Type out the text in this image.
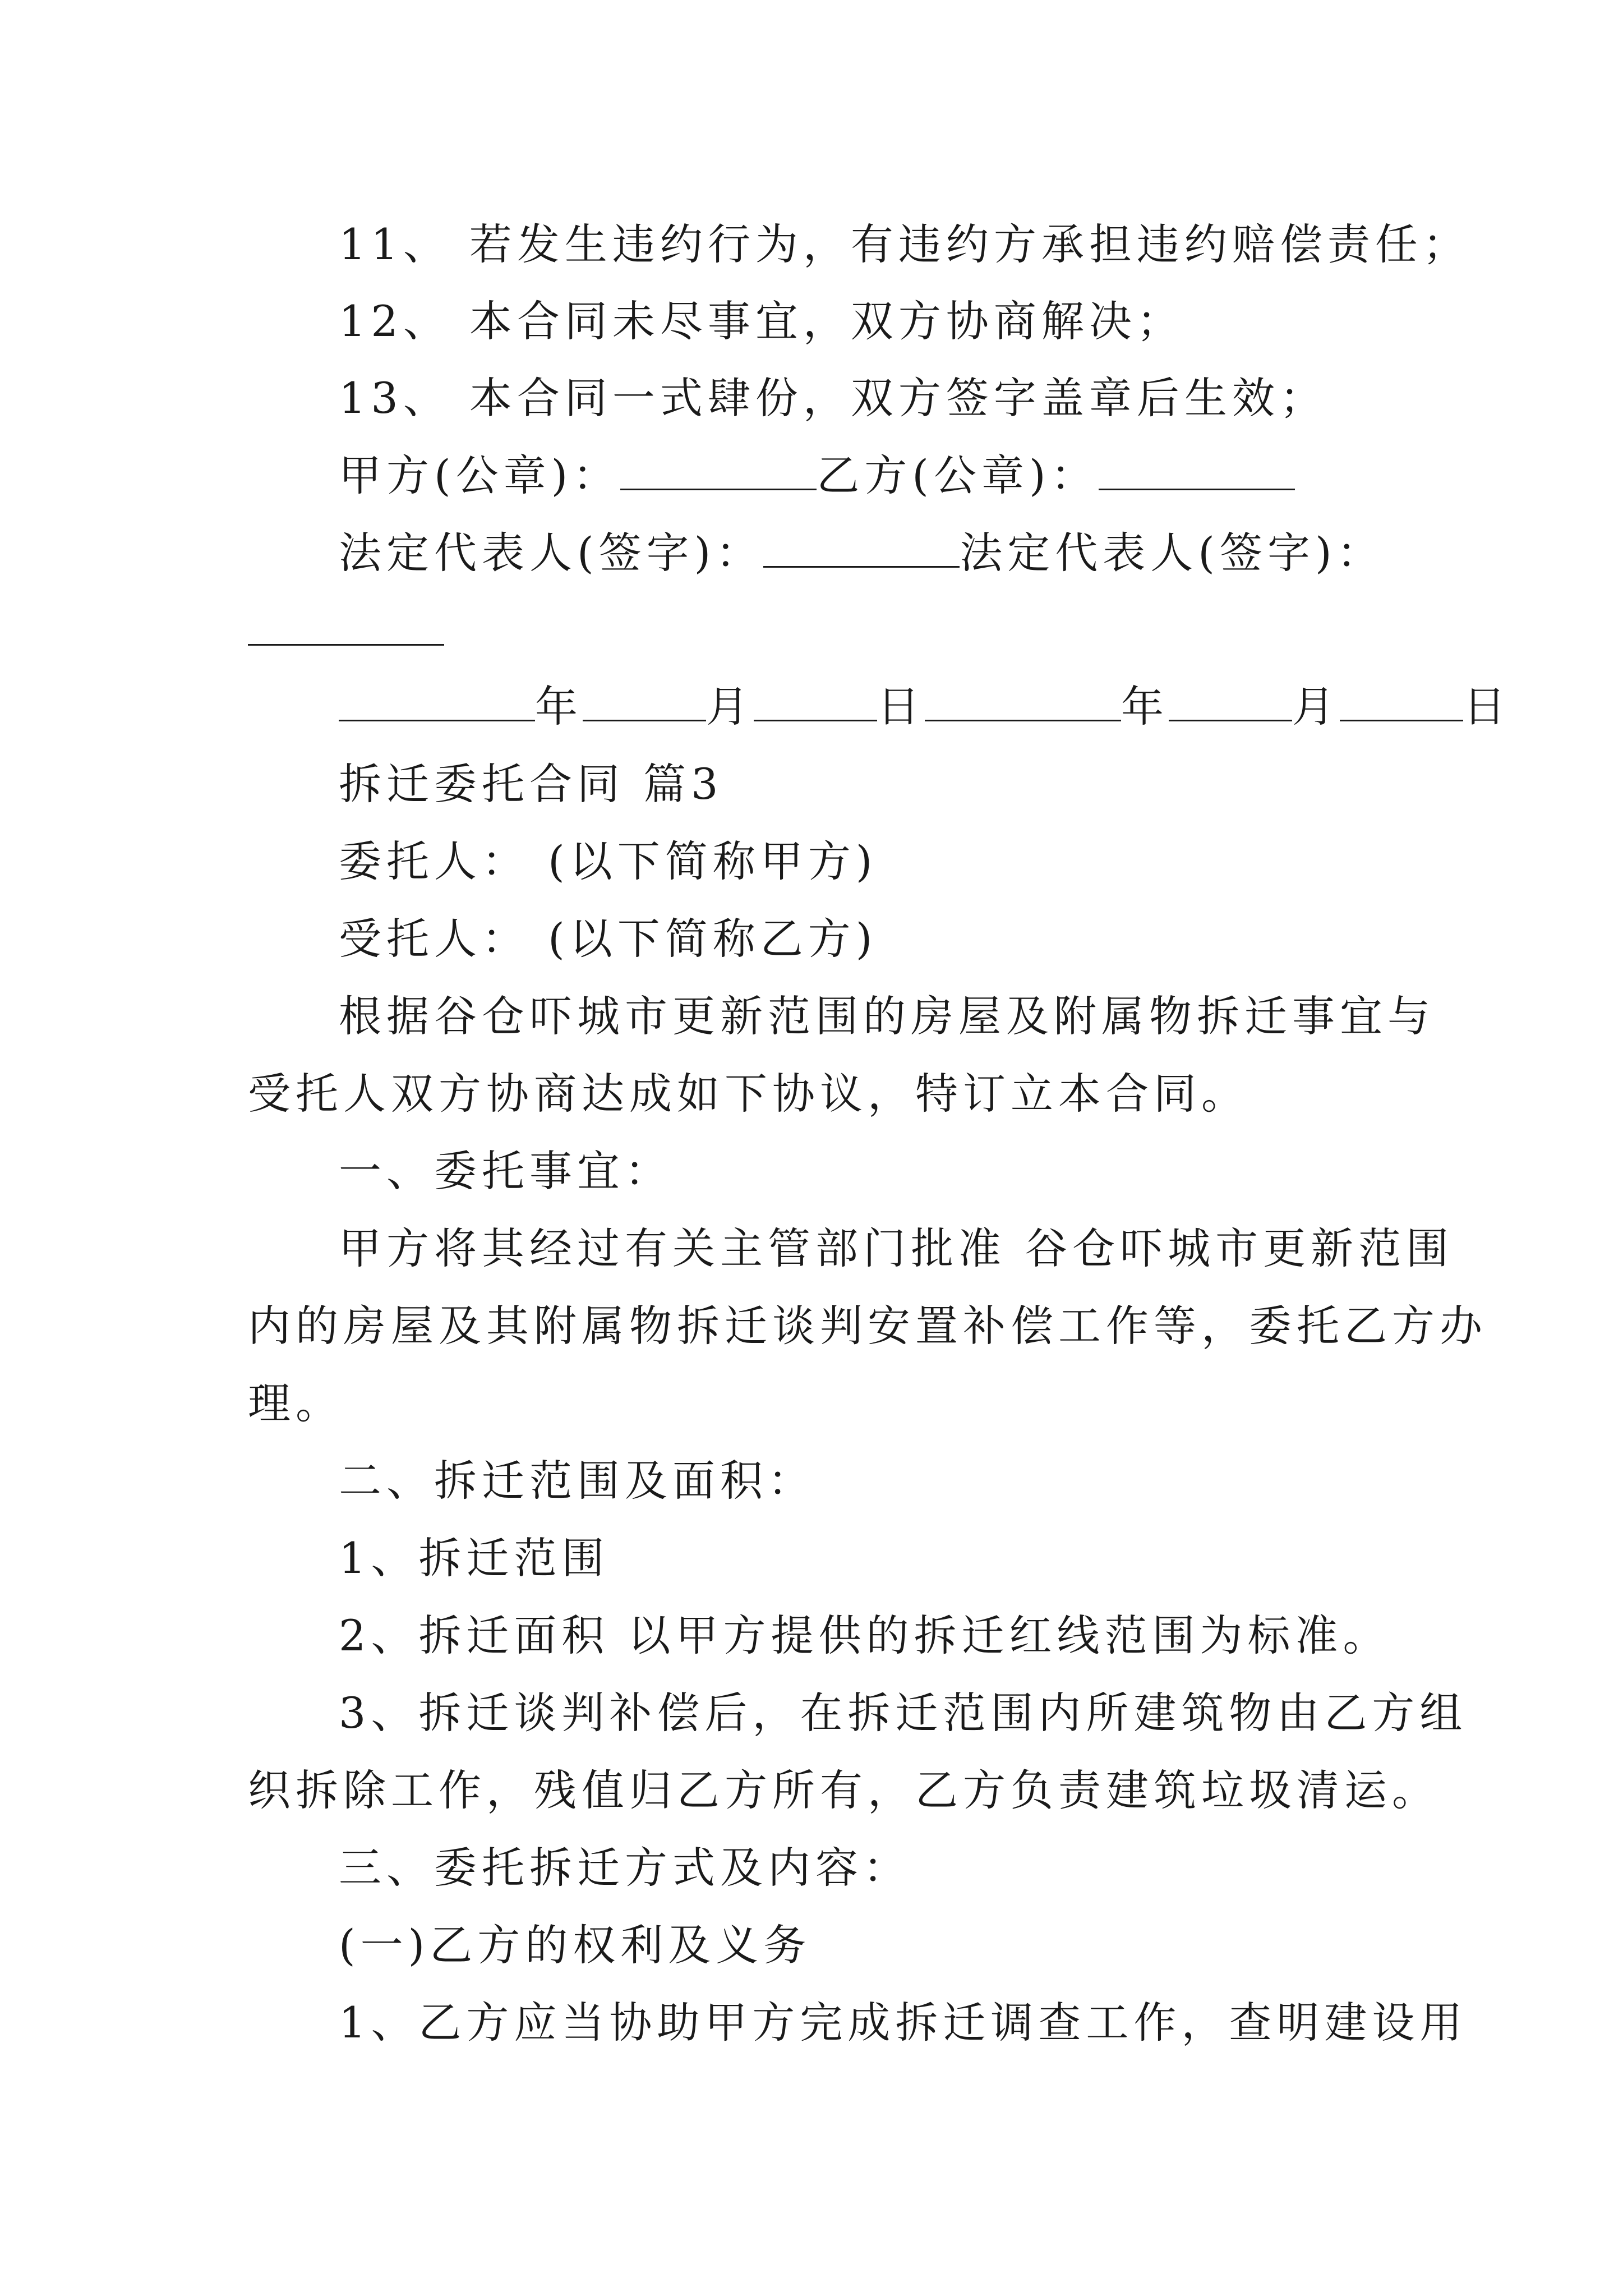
11、 若发生违约行为，有违约方承担违约赔偿责任；
12、 本合同未尽事宜，双方协商解决；
13、 本合同一式肆份，双方签字盖章后生效；
甲方(公章)：	乙方(公章)：
法定代表人(签字)：	法定代表人(签字)：
年	月	日	年	月	日
拆迁委托合同 篇3
委托人： (以下简称甲方)
受托人： (以下简称乙方)
根据谷仓吓城市更新范围的房屋及附属物拆迁事宜与
受托人双方协商达成如下协议，特订立本合同。
一、委托事宜：
甲方将其经过有关主管部门批准 谷仓吓城市更新范围
内的房屋及其附属物拆迁谈判安置补偿工作等，委托乙方办
理。
二、拆迁范围及面积：
1、拆迁范围
2、拆迁面积 以甲方提供的拆迁红线范围为标准。
3、拆迁谈判补偿后，在拆迁范围内所建筑物由乙方组
织拆除工作，残值归乙方所有，乙方负责建筑垃圾清运。
三、委托拆迁方式及内容：
(一)乙方的权利及义务
1、乙方应当协助甲方完成拆迁调查工作，查明建设用
